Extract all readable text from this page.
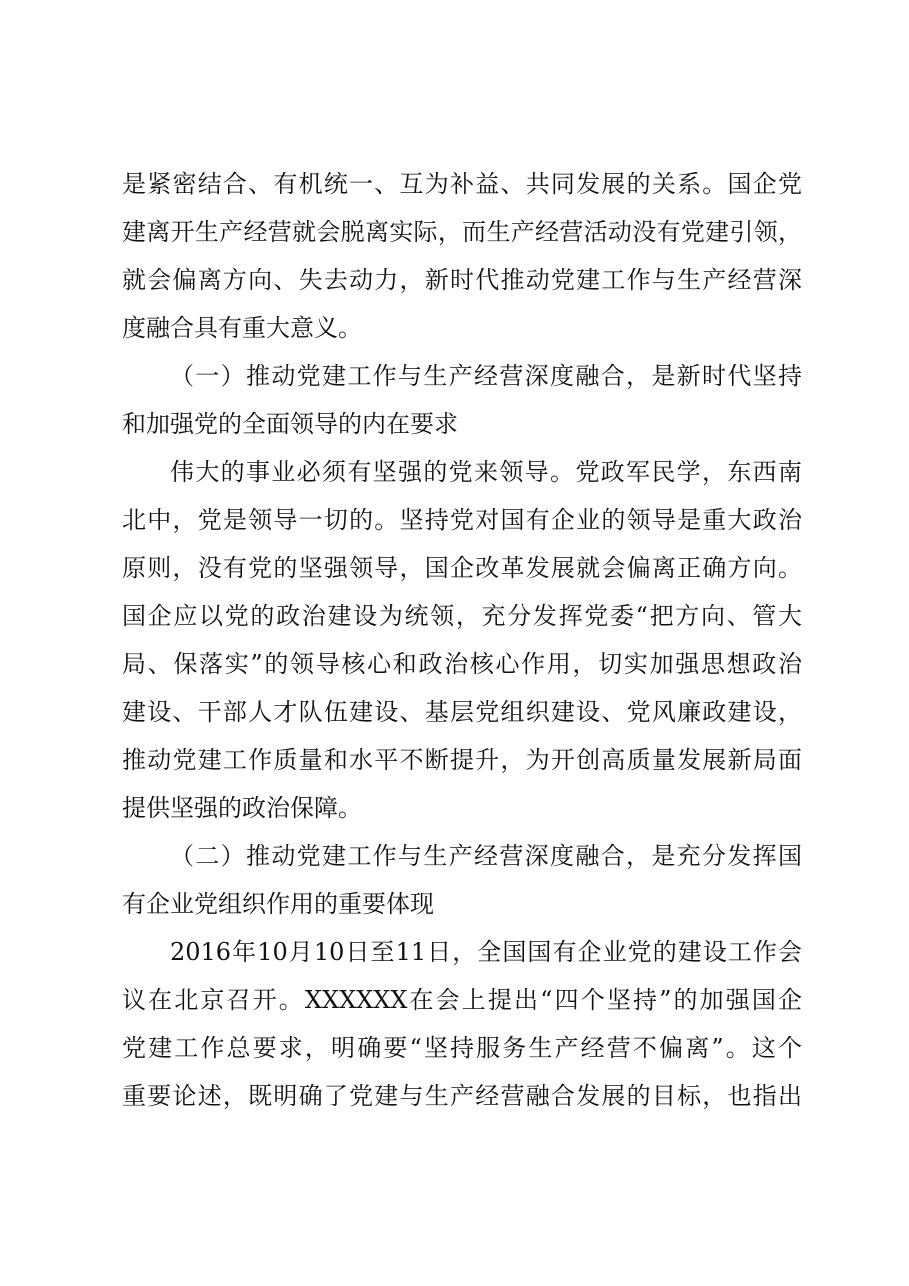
是紧密结合、有机统一、互为补益、共同发展的关系。国企党
建离开生产经营就会脱离实际，而生产经营活动没有党建引领，
就会偏离方向、失去动力，新时代推动党建工作与生产经营深
度融合具有重大意义。
（一）推动党建工作与生产经营深度融合，是新时代坚持
和加强党的全面领导的内在要求
伟大的事业必须有坚强的党来领导。党政军民学，东西南
北中，党是领导一切的。坚持党对国有企业的领导是重大政治
原则，没有党的坚强领导，国企改革发展就会偏离正确方向。
国企应以党的政治建设为统领，充分发挥党委“把方向、管大
局、保落实”的领导核心和政治核心作用，切实加强思想政治
建设、干部人才队伍建设、基层党组织建设、党风廉政建设，
推动党建工作质量和水平不断提升，为开创高质量发展新局面
提供坚强的政治保障。
（二）推动党建工作与生产经营深度融合，是充分发挥国
有企业党组织作用的重要体现
2016年10月10日至11日，全国国有企业党的建设工作会
议在北京召开。XXXXXX在会上提出“四个坚持”的加强国企
党建工作总要求，明确要“坚持服务生产经营不偏离”。这个
重要论述，既明确了党建与生产经营融合发展的目标，也指出
